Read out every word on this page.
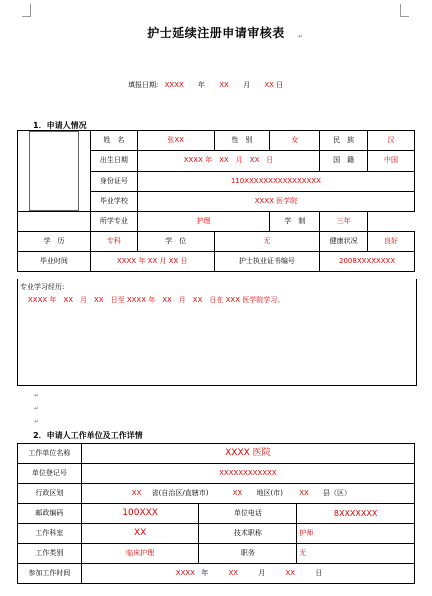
护士延续注册申请审核表	↵
填报日期: XXXX 年 XX 月 XX 日
1．申请人情况
	姓　名	张XX	性　别	女	民　族	汉
	出生日期	XXXX 年　XX　月　XX　日			国　籍	中国
	身份证号	110XXXXXXXXXXXXXXXX				
	毕业学校	XXXX 医学院				
	所学专业	护理		学　制	三年
学　历	专科	学　位	无		健康状况	良好
毕业时间	XXXX 年 XX 月 XX 日		护士执业证书编号		2008XXXXXXXX	
专业学习经历:
XXXX 年　XX　月　XX　日至 XXXX 年　XX　月　XX　日在 XXX 医学院学习。
↵
↵
↵
2．申请人工作单位及工作详情
工作单位名称	XXXX 医院		
单位登记号	XXXXXXXXXXXX		
行政区划	XX 省(自治区/直辖市) XX 地区(市) XX 县（区）		
邮政编码	100XXX	单位电话	8XXXXXXX
工作科室	XX	技术职称	护师
工作类别	临床护理	职务	无
参加工作时间	XXXX 年 XX 月 XX 日		
